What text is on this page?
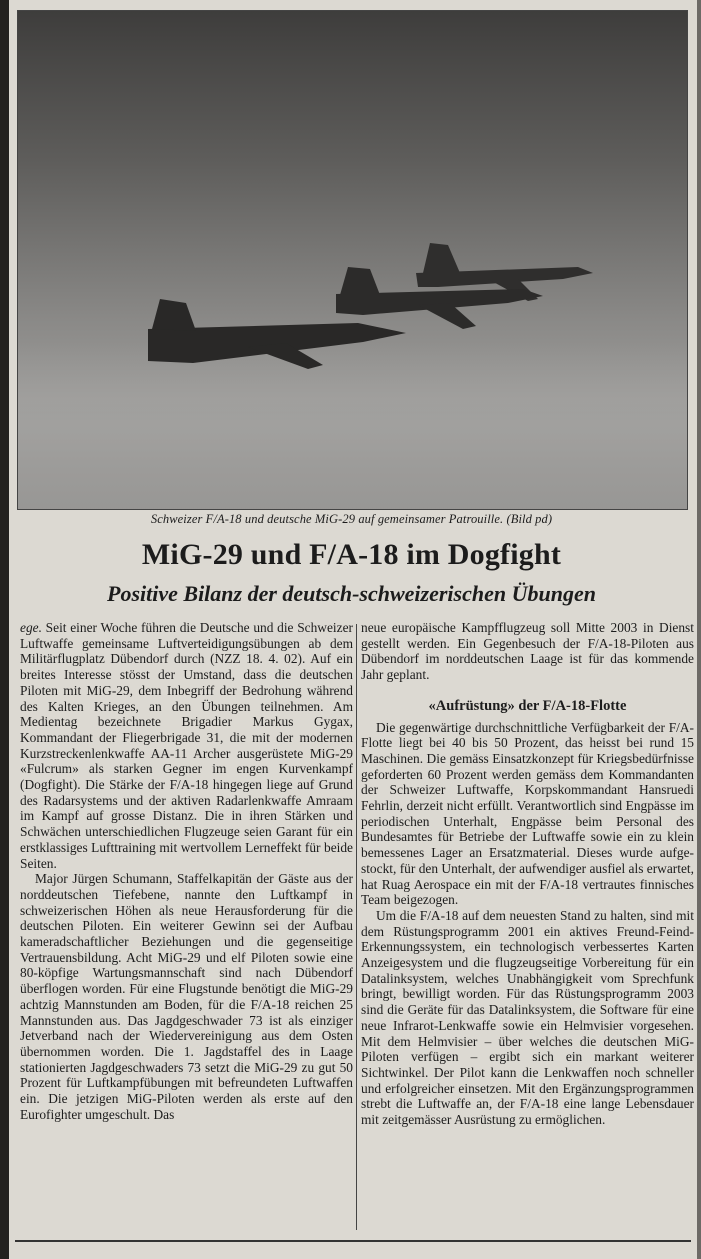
Schweizer F/A-18 und deutsche MiG-29 auf gemeinsamer Patrouille. (Bild pd)
MiG-29 und F/A-18 im Dogfight
Positive Bilanz der deutsch-schweizerischen Übungen

ege. Seit einer Woche führen die Deutsche und die Schweizer Luftwaffe gemeinsame Luftverteidigungsübungen ab dem Militärflugplatz Dübendorf durch (NZZ 18. 4. 02). Auf ein breites Interesse stösst der Umstand, dass die deutschen Piloten mit MiG-29, dem Inbegriff der Bedrohung während des Kalten Krieges, an den Übungen teilnehmen. Am Medientag bezeichnete Brigadier Markus Gygax, Kommandant der Fliegerbrigade 31, die mit der modernen Kurzstreckenlenkwaffe AA-11 Archer ausgerüstete MiG-29 «Fulcrum» als starken Gegner im engen Kurvenkampf (Dogfight). Die Stärke der F/A-18 hingegen liege auf Grund des Radarsystems und der aktiven Radarlenkwaffe Amraam im Kampf auf grosse Distanz. Die in ihren Stärken und Schwächen unterschiedlichen Flugzeuge seien Garant für ein erstklassiges Lufttraining mit wertvollem Lerneffekt für beide Seiten.

Major Jürgen Schumann, Staffelkapitän der Gäste aus der norddeutschen Tiefebene, nannte den Luftkampf in schweizerischen Höhen als neue Herausforderung für die deutschen Piloten. Ein weiterer Gewinn sei der Aufbau kameradschaftlicher Beziehungen und die gegenseitige Vertrauensbildung. Acht MiG-29 und elf Piloten sowie eine 80-köpfige Wartungsmannschaft sind nach Dübendorf überflogen worden. Für eine Flugstunde benötigt die MiG-29 achtzig Mannstunden am Boden, für die F/A-18 reichen 25 Mannstunden aus. Das Jagdgeschwader 73 ist als einziger Jetverband nach der Wiedervereinigung aus dem Osten übernommen worden. Die 1. Jagdstaffel des in Laage stationierten Jagdgeschwaders 73 setzt die MiG-29 zu gut 50 Prozent für Luftkampfübungen mit befreundeten Luftwaffen ein. Die jetzigen MiG-Piloten werden als erste auf den Eurofighter umgeschult. Das

neue europäische Kampfflugzeug soll Mitte 2003 in Dienst gestellt werden. Ein Gegenbesuch der F/A-18-Piloten aus Dübendorf im norddeutschen Laage ist für das kommende Jahr geplant.

«Aufrüstung» der F/A-18-Flotte

Die gegenwärtige durchschnittliche Verfügbarkeit der F/A-Flotte liegt bei 40 bis 50 Prozent, das heisst bei rund 15 Maschinen. Die gemäss Einsatzkonzept für Kriegsbedürfnisse geforderten 60 Prozent werden gemäss dem Kommandanten der Schweizer Luftwaffe, Korpskommandant Hansruedi Fehrlin, derzeit nicht erfüllt. Verantwortlich sind Engpässe im periodischen Unterhalt, Engpässe beim Personal des Bundesamtes für Betriebe der Luftwaffe sowie ein zu klein bemessenes Lager an Ersatzmaterial. Dieses wurde aufgestockt, für den Unterhalt, der aufwendiger ausfiel als erwartet, hat Ruag Aerospace ein mit der F/A-18 vertrautes finnisches Team beigezogen.

Um die F/A-18 auf dem neuesten Stand zu halten, sind mit dem Rüstungsprogramm 2001 ein aktives Freund-Feind-Erkennungssystem, ein technologisch verbessertes Karten Anzeigesystem und die flugzeugseitige Vorbereitung für ein Datalinksystem, welches Unabhängigkeit vom Sprechfunk bringt, bewilligt worden. Für das Rüstungsprogramm 2003 sind die Geräte für das Datalinksystem, die Software für eine neue Infrarot-Lenkwaffe sowie ein Helmvisier vorgesehen. Mit dem Helmvisier – über welches die deutschen MiG-Piloten verfügen – ergibt sich ein markant weiterer Sichtwinkel. Der Pilot kann die Lenkwaffen noch schneller und erfolgreicher einsetzen. Mit den Ergänzungsprogrammen strebt die Luftwaffe an, der F/A-18 eine lange Lebensdauer mit zeitgemässer Ausrüstung zu ermöglichen.
